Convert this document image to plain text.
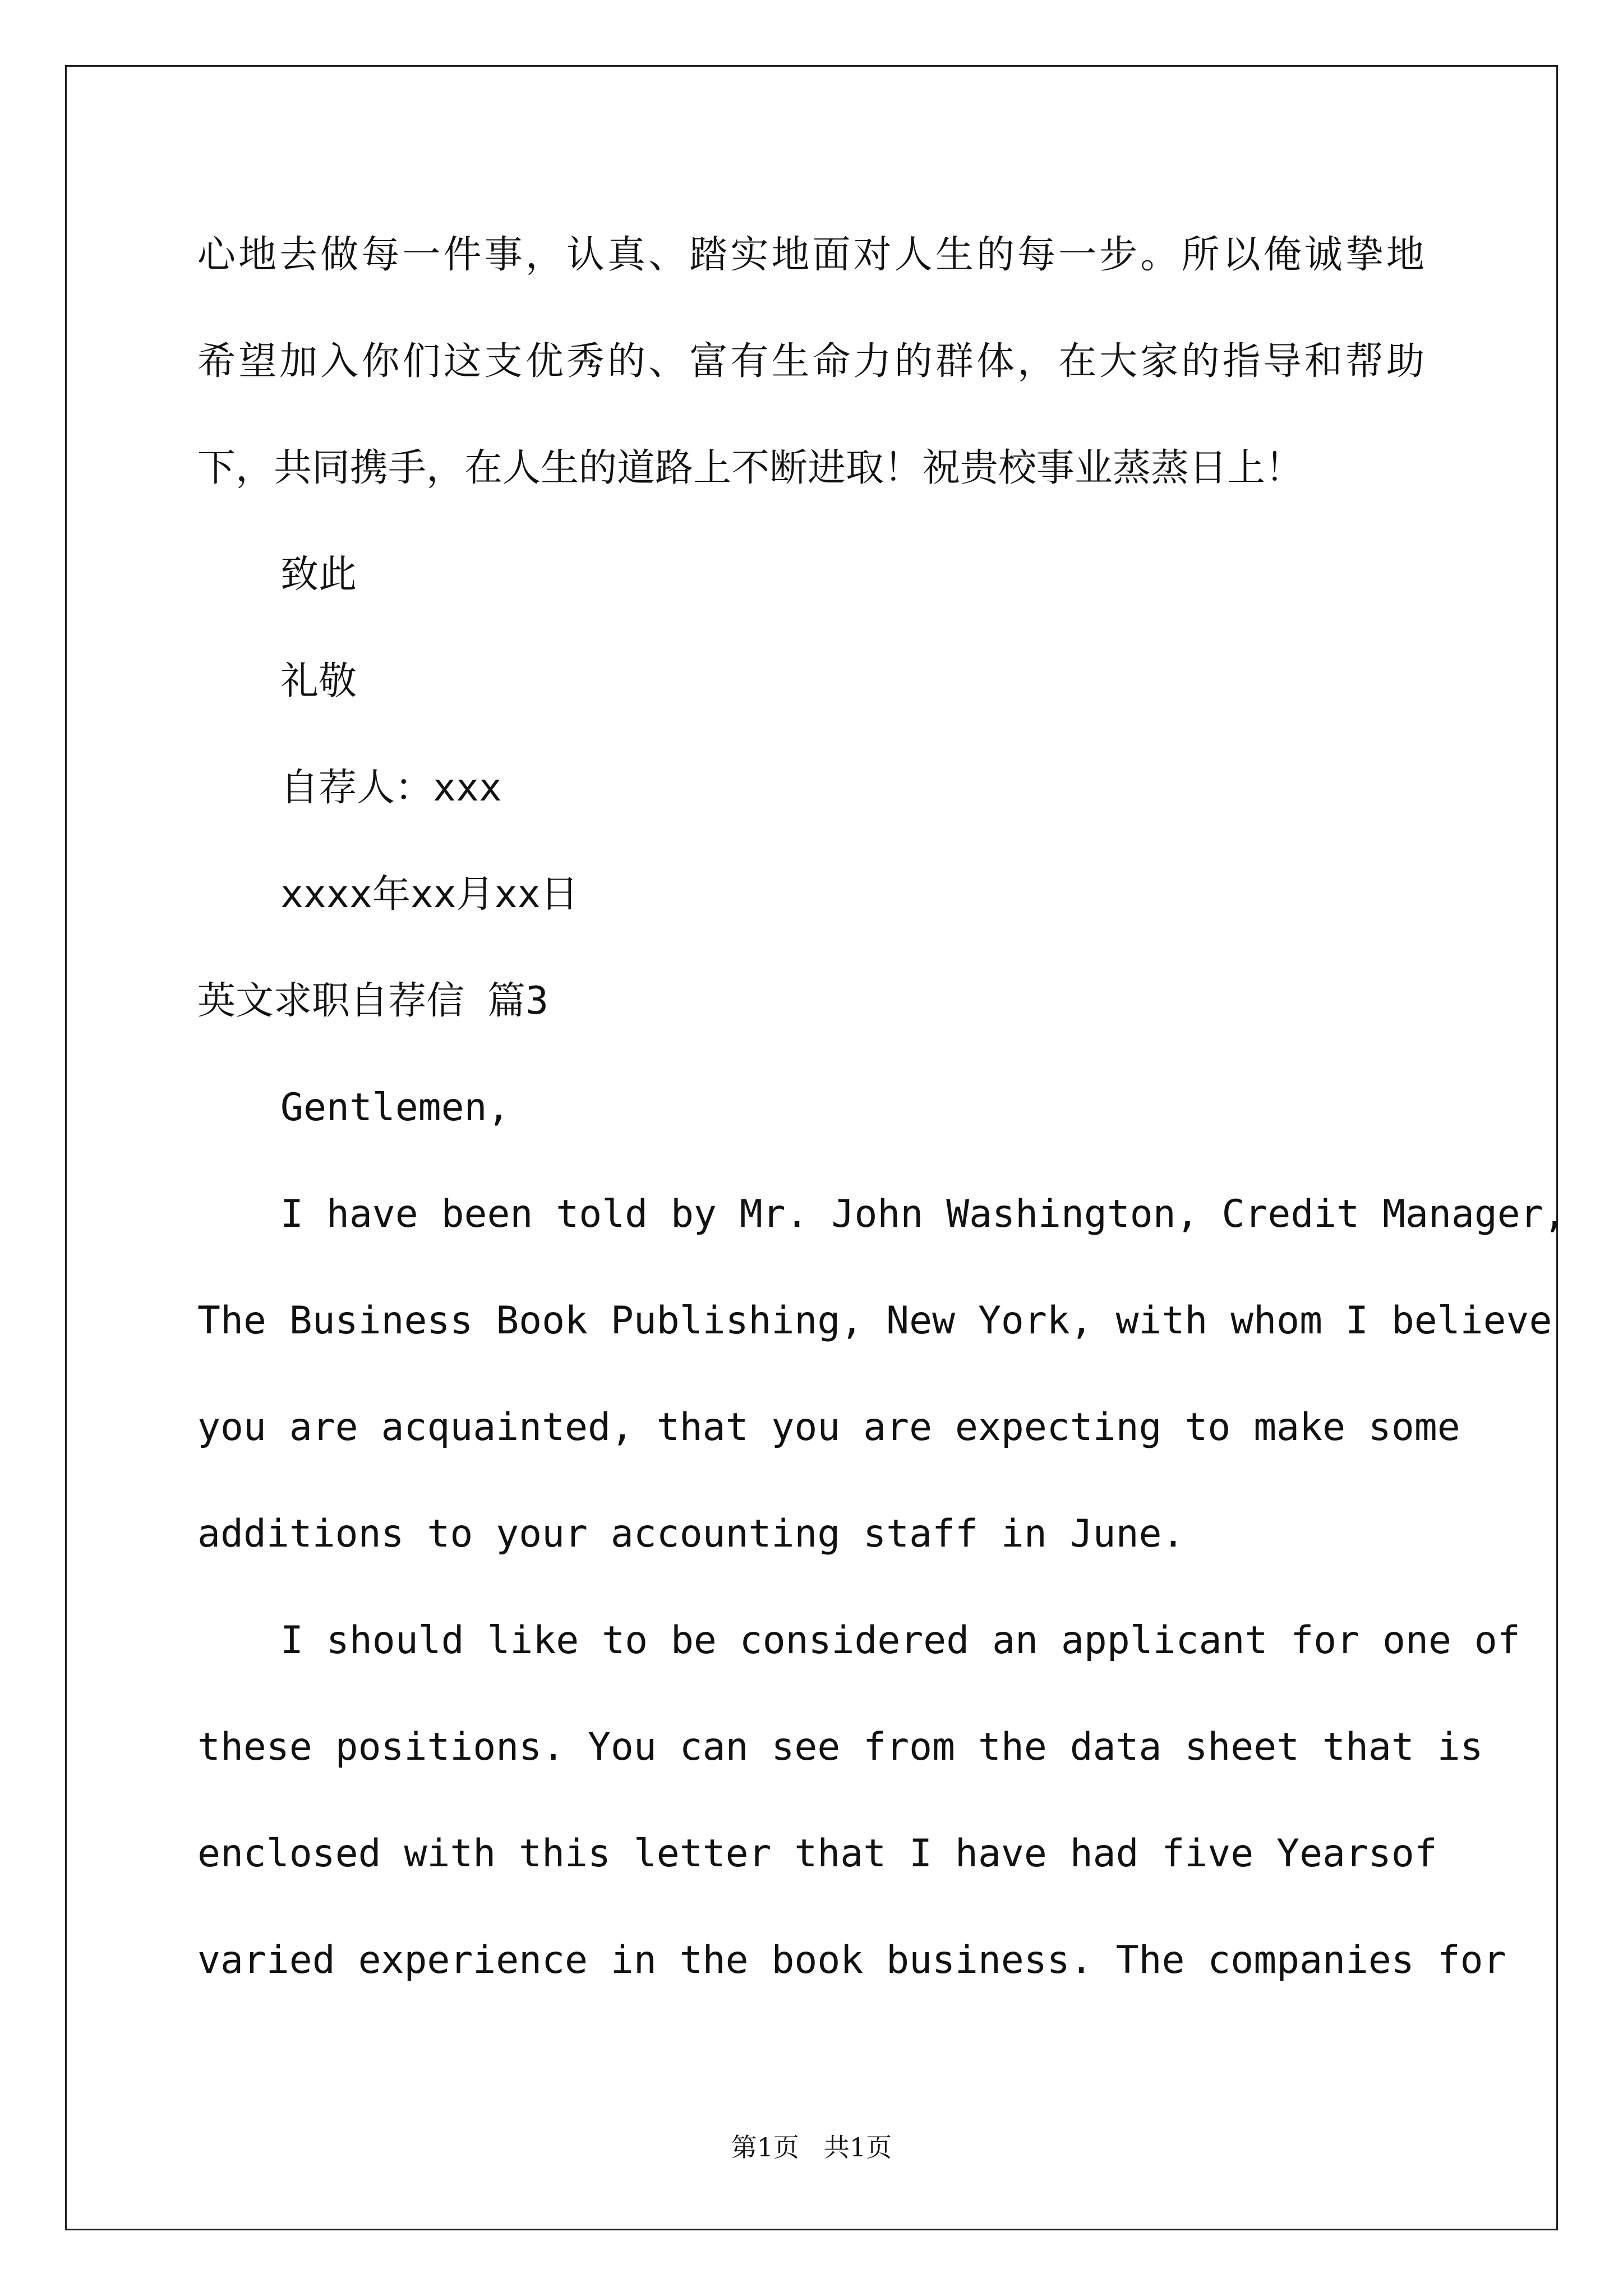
心地去做每一件事，认真、踏实地面对人生的每一步。所以俺诚挚地
希望加入你们这支优秀的、富有生命力的群体，在大家的指导和帮助
下，共同携手，在人生的道路上不断进取！祝贵校事业蒸蒸日上！
致此
礼敬
自荐人：xxx
xxxx年xx月xx日
英文求职自荐信 篇3
Gentlemen,
I have been told by Mr. John Washington, Credit Manager,
The Business Book Publishing, New York, with whom I believe
you are acquainted, that you are expecting to make some
additions to your accounting staff in June.
I should like to be considered an applicant for one of
these positions. You can see from the data sheet that is
enclosed with this letter that I have had five Yearsof
varied experience in the book business. The companies for
第1页 共1页
